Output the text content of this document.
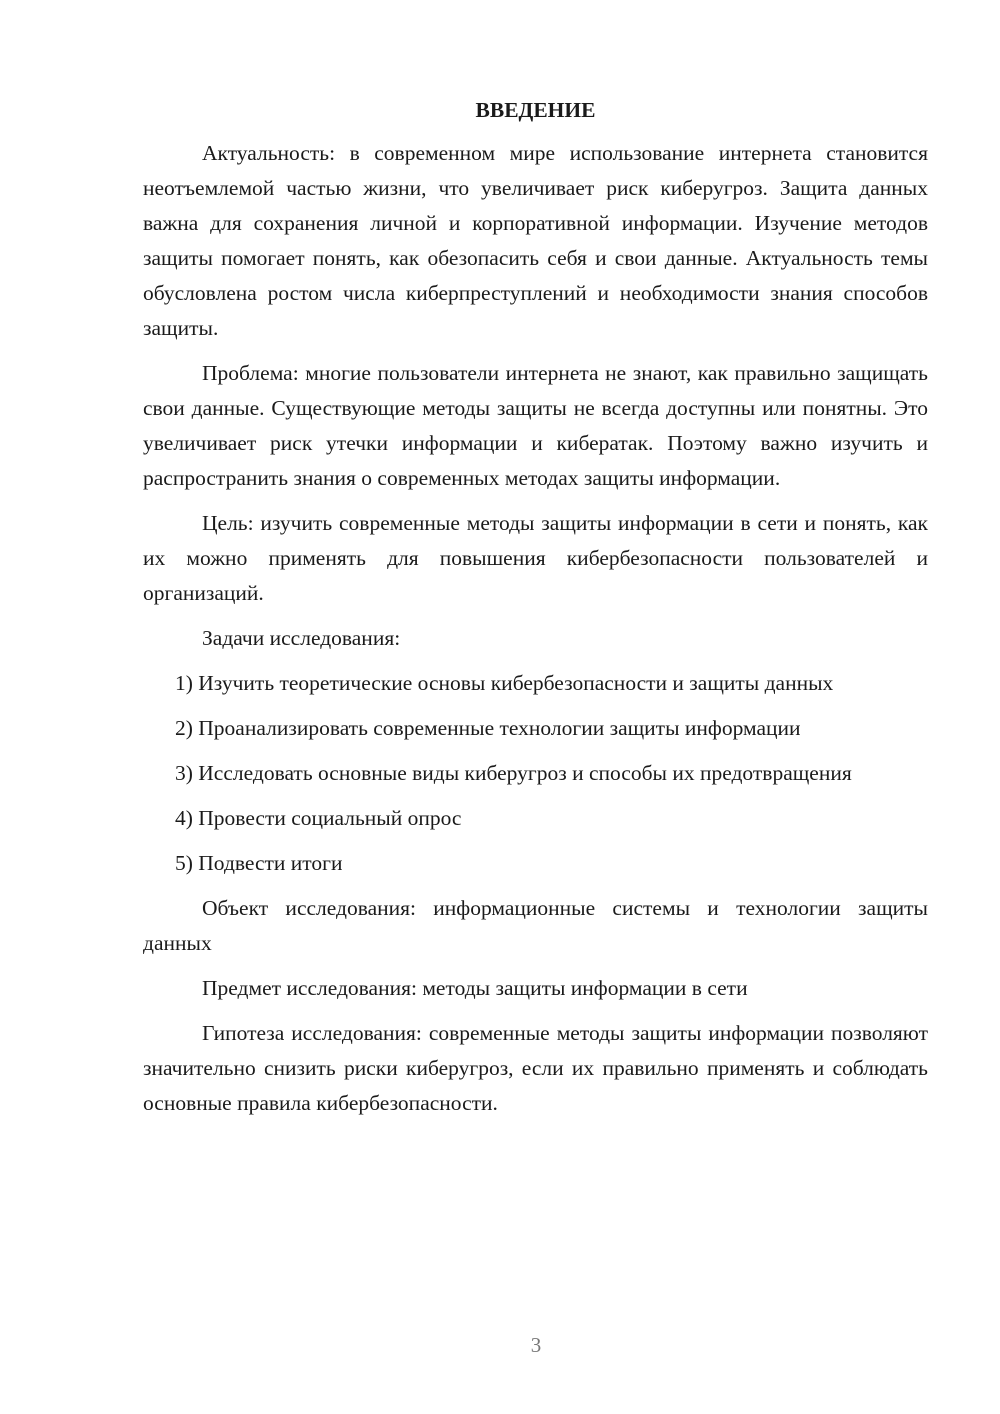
ВВЕДЕНИЕ

Актуальность: в современном мире использование интернета становится неотъемлемой частью жизни, что увеличивает риск киберугроз. Защита данных важна для сохранения личной и корпоративной информации. Изучение методов защиты помогает понять, как обезопасить себя и свои данные. Актуальность темы обусловлена ростом числа киберпреступлений и необходимости знания способов защиты.

Проблема: многие пользователи интернета не знают, как правильно защищать свои данные. Существующие методы защиты не всегда доступны или понятны. Это увеличивает риск утечки информации и кибератак. Поэтому важно изучить и распространить знания о современных методах защиты информации.

Цель: изучить современные методы защиты информации в сети и понять, как их можно применять для повышения кибербезопасности пользователей и организаций.

Задачи исследования:

1) Изучить теоретические основы кибербезопасности и защиты данных

2) Проанализировать современные технологии защиты информации

3) Исследовать основные виды киберугроз и способы их предотвращения

4) Провести социальный опрос

5) Подвести итоги

Объект исследования: информационные системы и технологии защиты данных

Предмет исследования: методы защиты информации в сети

Гипотеза исследования: современные методы защиты информации позволяют значительно снизить риски киберугроз, если их правильно применять и соблюдать основные правила кибербезопасности.

3
